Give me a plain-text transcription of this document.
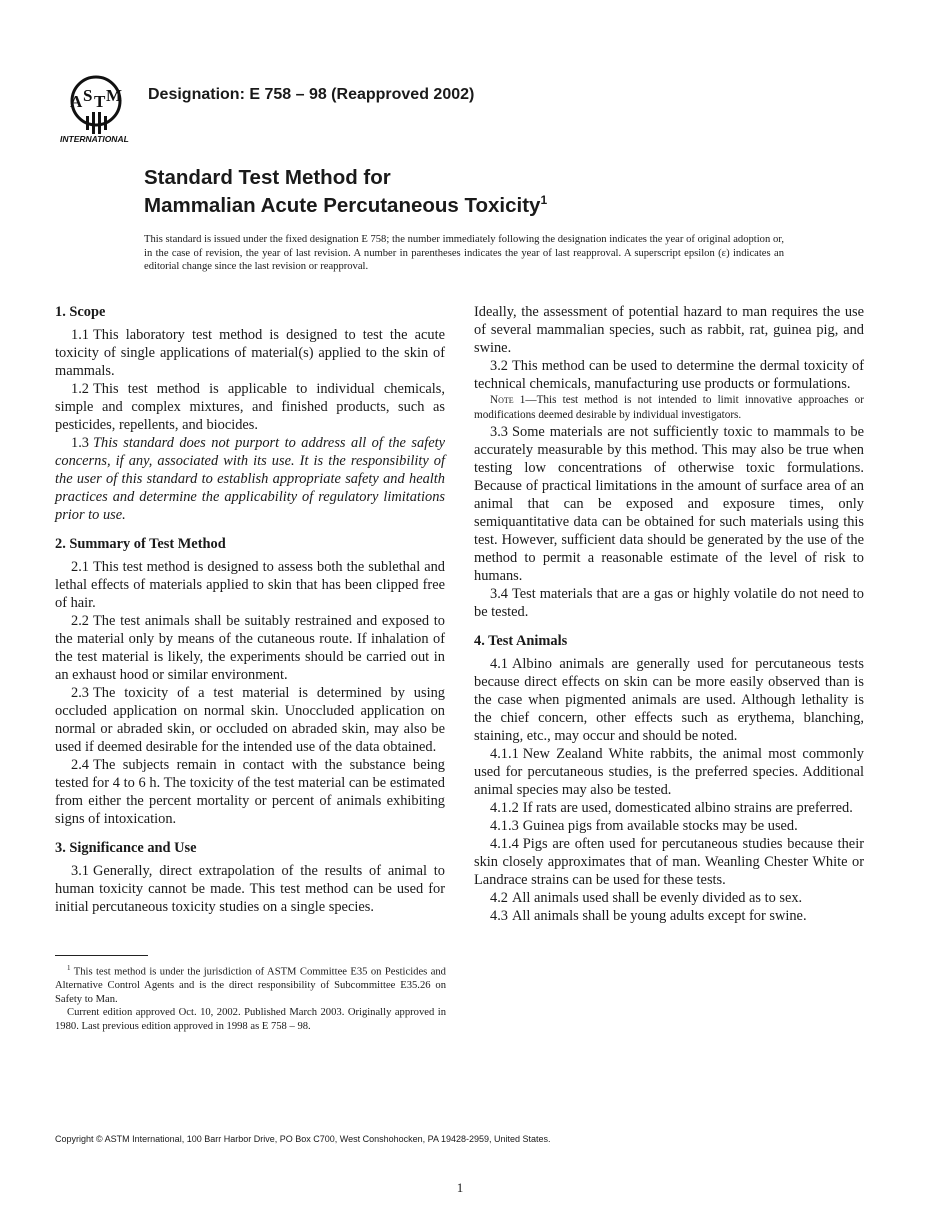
A S T M
INTERNATIONAL
Designation: E 758 – 98 (Reapproved 2002)
Standard Test Method for
Mammalian Acute Percutaneous Toxicity$^1$
This standard is issued under the fixed designation E 758; the number immediately following the designation indicates the year of original adoption or, in the case of revision, the year of last revision. A number in parentheses indicates the year of last reapproval. A superscript epsilon (ε) indicates an editorial change since the last revision or reapproval.
1. Scope

1.1 This laboratory test method is designed to test the acute toxicity of single applications of material(s) applied to the skin of mammals.

1.2 This test method is applicable to individual chemicals, simple and complex mixtures, and finished products, such as pesticides, repellents, and biocides.

1.3 This standard does not purport to address all of the safety concerns, if any, associated with its use. It is the responsibility of the user of this standard to establish appropriate safety and health practices and determine the applicability of regulatory limitations prior to use.

2. Summary of Test Method

2.1 This test method is designed to assess both the sublethal and lethal effects of materials applied to skin that has been clipped free of hair.

2.2 The test animals shall be suitably restrained and exposed to the material only by means of the cutaneous route. If inhalation of the test material is likely, the experiments should be carried out in an exhaust hood or similar environment.

2.3 The toxicity of a test material is determined by using occluded application on normal skin. Unoccluded application on normal or abraded skin, or occluded on abraded skin, may also be used if deemed desirable for the intended use of the data obtained.

2.4 The subjects remain in contact with the substance being tested for 4 to 6 h. The toxicity of the test material can be estimated from either the percent mortality or percent of animals exhibiting signs of intoxication.

3. Significance and Use

3.1 Generally, direct extrapolation of the results of animal to human toxicity cannot be made. This test method can be used for initial percutaneous toxicity studies on a single species.

Ideally, the assessment of potential hazard to man requires the use of several mammalian species, such as rabbit, rat, guinea pig, and swine.

3.2 This method can be used to determine the dermal toxicity of technical chemicals, manufacturing use products or formulations.

Note 1—This test method is not intended to limit innovative approaches or modifications deemed desirable by individual investigators.

3.3 Some materials are not sufficiently toxic to mammals to be accurately measurable by this method. This may also be true when testing low concentrations of otherwise toxic formulations. Because of practical limitations in the amount of surface area of an animal that can be exposed and exposure times, only semiquantitative data can be obtained for such materials using this test. However, sufficient data should be generated by the use of the method to permit a reasonable estimate of the level of risk to humans.

3.4 Test materials that are a gas or highly volatile do not need to be tested.

4. Test Animals

4.1 Albino animals are generally used for percutaneous tests because direct effects on skin can be more easily observed than is the case when pigmented animals are used. Although lethality is the chief concern, other effects such as erythema, blanching, staining, etc., may occur and should be noted.

4.1.1 New Zealand White rabbits, the animal most commonly used for percutaneous studies, is the preferred species. Additional animal species may also be tested.

4.1.2 If rats are used, domesticated albino strains are preferred.

4.1.3 Guinea pigs from available stocks may be used.

4.1.4 Pigs are often used for percutaneous studies because their skin closely approximates that of man. Weanling Chester White or Landrace strains can be used for these tests.

4.2 All animals used shall be evenly divided as to sex.

4.3 All animals shall be young adults except for swine.

$^1$ This test method is under the jurisdiction of ASTM Committee E35 on Pesticides and Alternative Control Agents and is the direct responsibility of Subcommittee E35.26 on Safety to Man.

Current edition approved Oct. 10, 2002. Published March 2003. Originally approved in 1980. Last previous edition approved in 1998 as E 758 – 98.

Copyright © ASTM International, 100 Barr Harbor Drive, PO Box C700, West Conshohocken, PA 19428-2959, United States.
1
